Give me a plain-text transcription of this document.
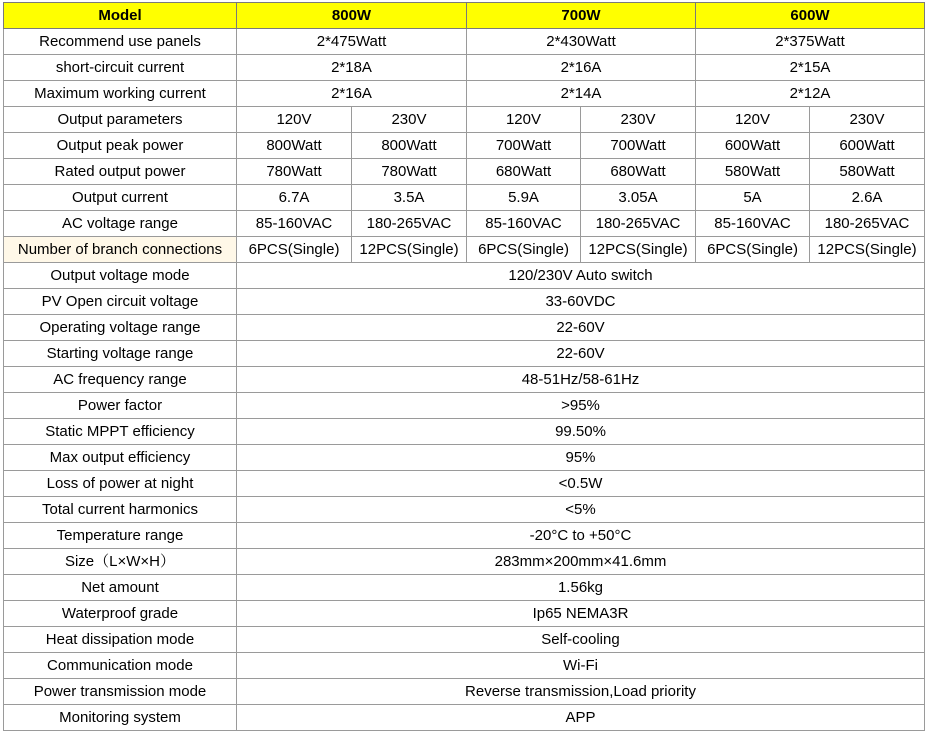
Model	800W		700W		600W	
Recommend use panels	2*475Watt		2*430Watt		2*375Watt	
short-circuit current	2*18A		2*16A		2*15A	
Maximum working current	2*16A		2*14A		2*12A	
Output parameters	120V	230V	120V	230V	120V	230V
Output peak power	800Watt	800Watt	700Watt	700Watt	600Watt	600Watt
Rated output power	780Watt	780Watt	680Watt	680Watt	580Watt	580Watt
Output current	6.7A	3.5A	5.9A	3.05A	5A	2.6A
AC voltage range	85-160VAC	180-265VAC	85-160VAC	180-265VAC	85-160VAC	180-265VAC
Number of branch connections	6PCS(Single)	12PCS(Single)	6PCS(Single)	12PCS(Single)	6PCS(Single)	12PCS(Single)
Output voltage mode	120/230V Auto switch					
PV Open circuit voltage	33-60VDC					
Operating voltage range	22-60V					
Starting voltage range	22-60V					
AC frequency range	48-51Hz/58-61Hz					
Power factor	>95%					
Static MPPT efficiency	99.50%					
Max output efficiency	95%					
Loss of power at night	<0.5W					
Total current harmonics	<5%					
Temperature range	-20°C to +50°C					
Size（L×W×H）	283mm×200mm×41.6mm					
Net amount	1.56kg					
Waterproof grade	Ip65 NEMA3R					
Heat dissipation mode	Self-cooling					
Communication mode	Wi-Fi					
Power transmission mode	Reverse transmission,Load priority					
Monitoring system	APP					
